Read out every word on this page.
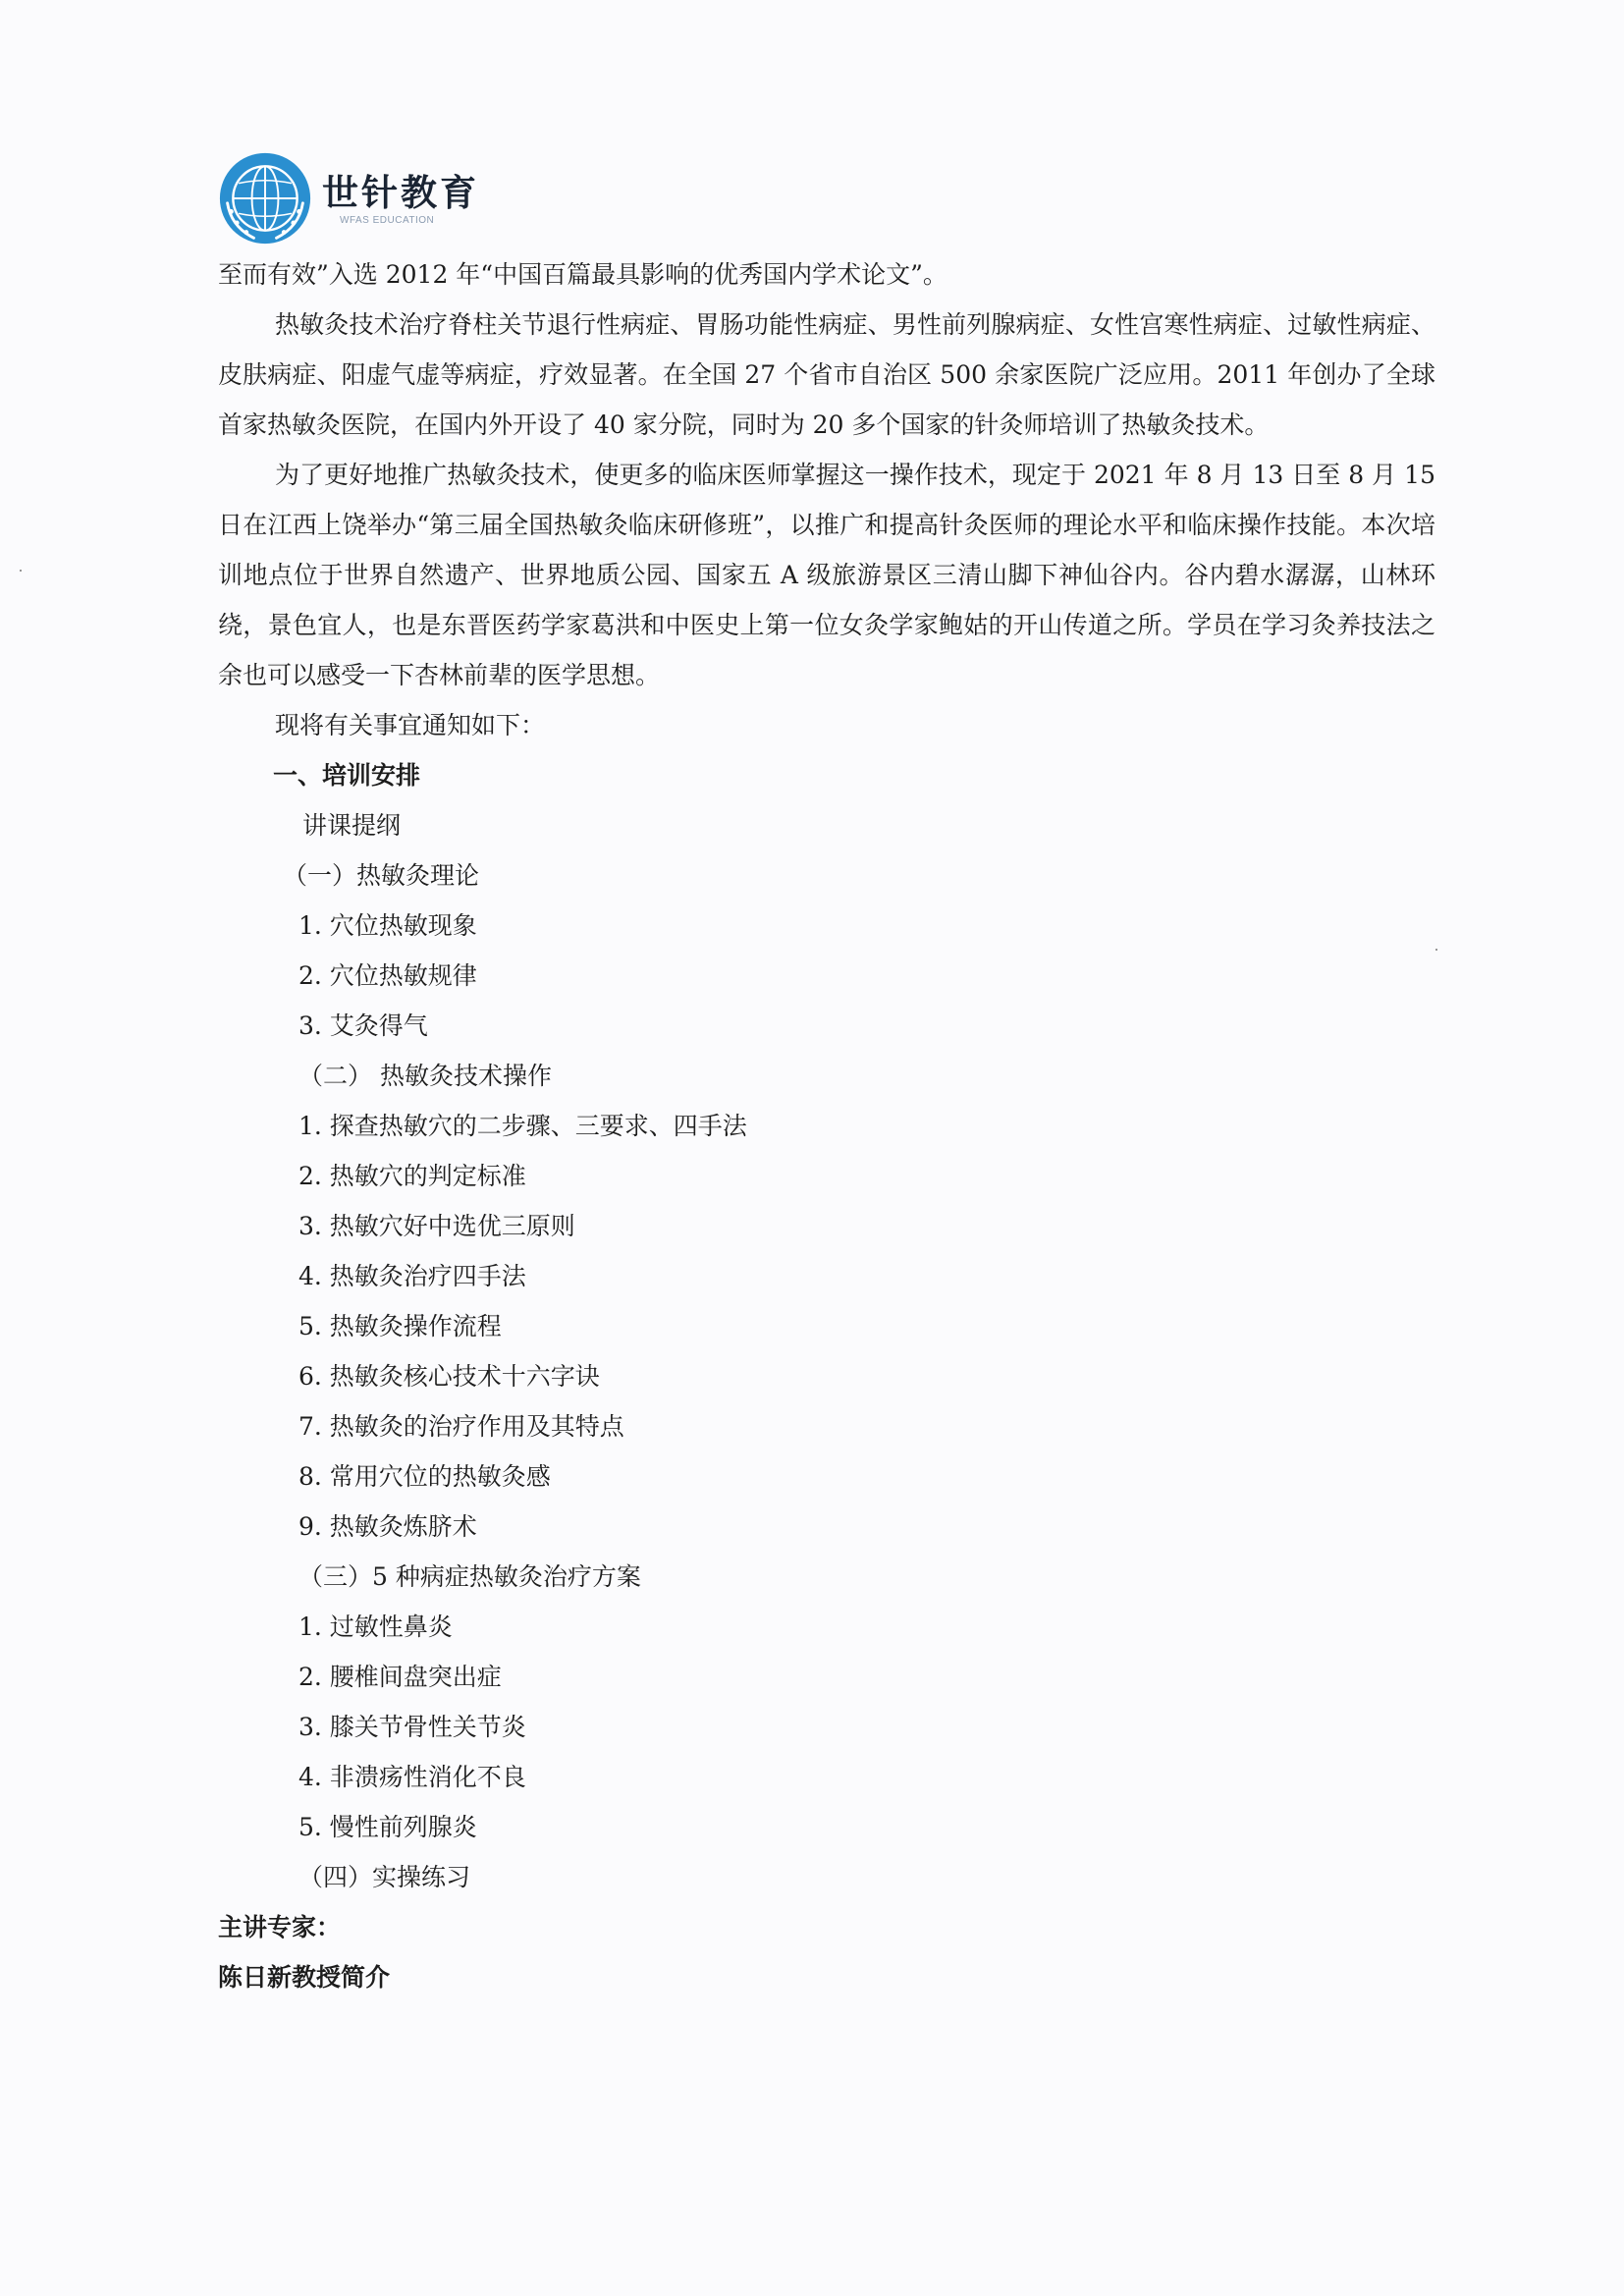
世针教育
WFAS EDUCATION

至而有效”入选 2012 年“中国百篇最具影响的优秀国内学术论文”。

热敏灸技术治疗脊柱关节退行性病症、胃肠功能性病症、男性前列腺病症、女性宫寒性病症、过敏性病症、皮肤病症、阳虚气虚等病症，疗效显著。在全国 27 个省市自治区 500 余家医院广泛应用。2011 年创办了全球首家热敏灸医院，在国内外开设了 40 家分院，同时为 20 多个国家的针灸师培训了热敏灸技术。

为了更好地推广热敏灸技术，使更多的临床医师掌握这一操作技术，现定于 2021 年 8 月 13 日至 8 月 15 日在江西上饶举办“第三届全国热敏灸临床研修班”，以推广和提高针灸医师的理论水平和临床操作技能。本次培训地点位于世界自然遗产、世界地质公园、国家五 A 级旅游景区三清山脚下神仙谷内。谷内碧水潺潺，山林环绕，景色宜人，也是东晋医药学家葛洪和中医史上第一位女灸学家鲍姑的开山传道之所。学员在学习灸养技法之余也可以感受一下杏林前辈的医学思想。

现将有关事宜通知如下：

一、培训安排

讲课提纲

（一）热敏灸理论

1. 穴位热敏现象

2. 穴位热敏规律

3. 艾灸得气

（二） 热敏灸技术操作

1. 探查热敏穴的二步骤、三要求、四手法

2. 热敏穴的判定标准

3. 热敏穴好中选优三原则

4. 热敏灸治疗四手法

5. 热敏灸操作流程

6. 热敏灸核心技术十六字诀

7. 热敏灸的治疗作用及其特点

8. 常用穴位的热敏灸感

9. 热敏灸炼脐术

（三）5 种病症热敏灸治疗方案

1. 过敏性鼻炎

2. 腰椎间盘突出症

3. 膝关节骨性关节炎

4. 非溃疡性消化不良

5. 慢性前列腺炎

（四）实操练习

主讲专家：

陈日新教授简介
